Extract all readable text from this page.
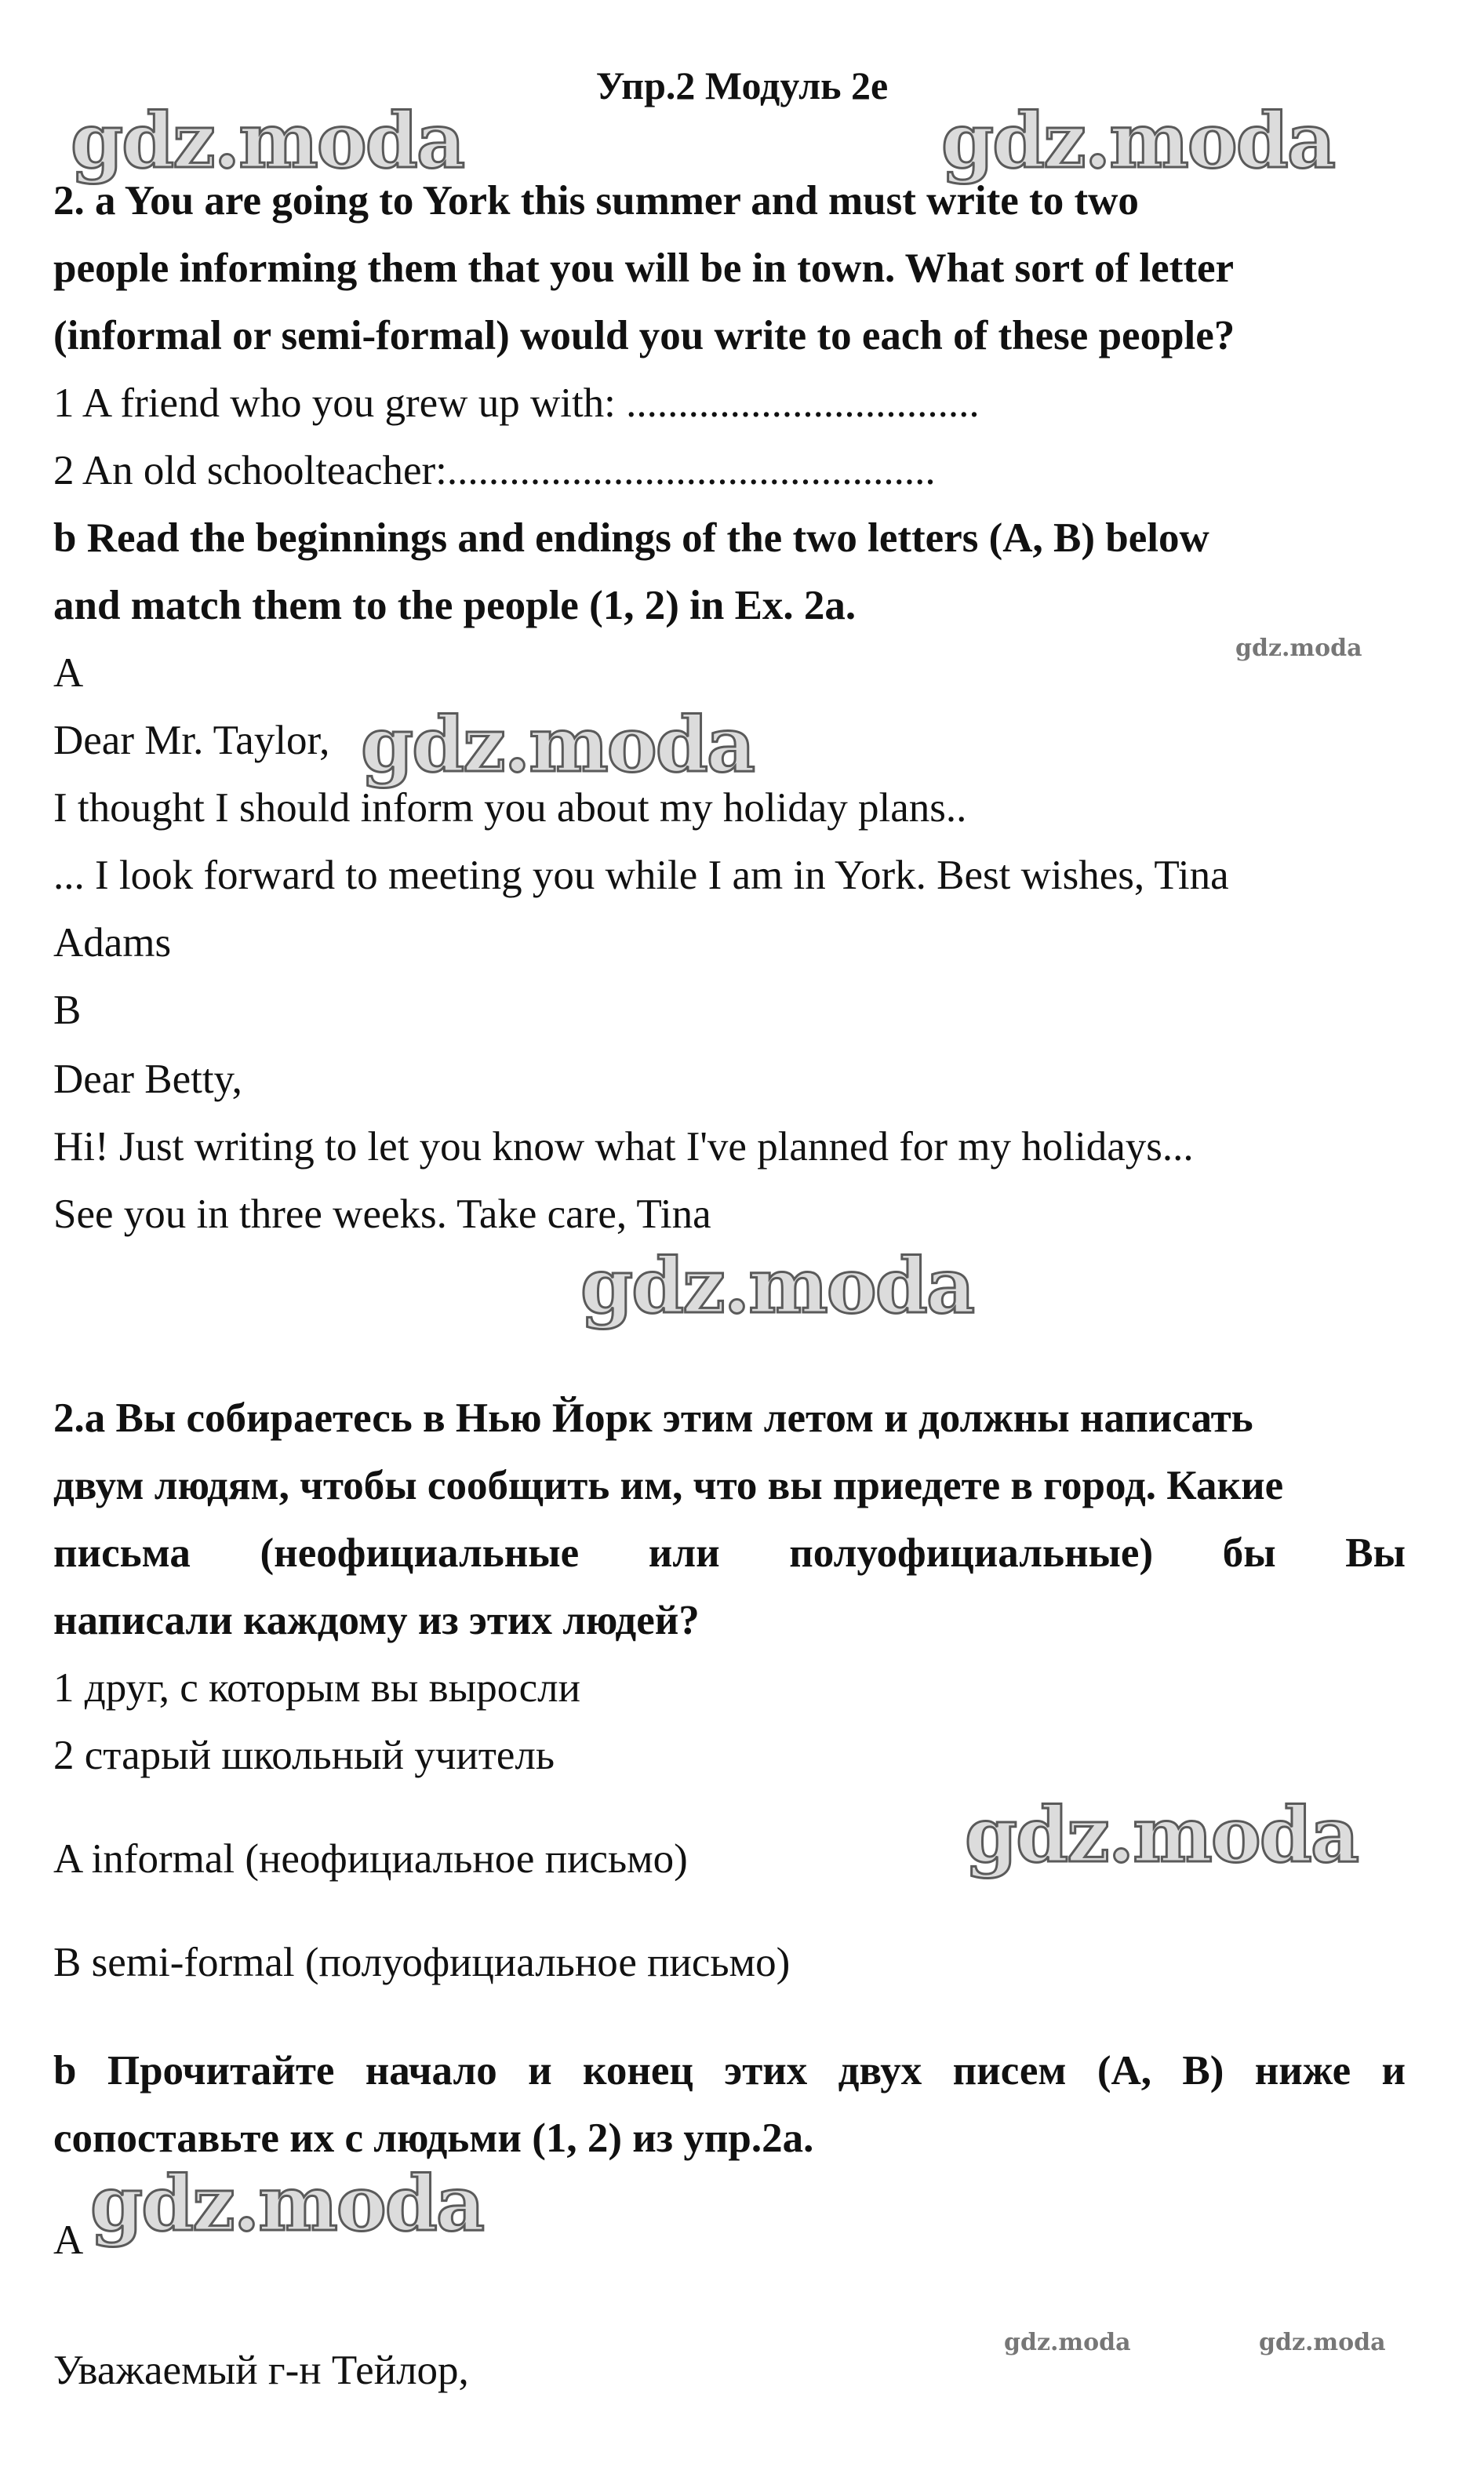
Упр.2 Модуль 2е
gdz.moda	gdz.moda
gdz.moda
gdz.moda
gdz.moda
gdz.moda
gdz.moda
gdz.moda	gdz.moda
2. a You are going to York this summer and must write to two
people informing them that you will be in town. What sort of letter
(informal or semi-formal) would you write to each of these people?
1 A friend who you grew up with: ..................................
2 An old schoolteacher:...............................................
b Read the beginnings and endings of the two letters (A, B) below
and match them to the people (1, 2) in Ex. 2a.
A
Dear Mr. Taylor,
I thought I should inform you about my holiday plans..
... I look forward to meeting you while I am in York. Best wishes, Tina
Adams
B
Dear Betty,
Hi! Just writing to let you know what I've planned for my holidays...
See you in three weeks. Take care, Tina
2.а Вы собираетесь в Нью Йорк этим летом и должны написать
двум людям, чтобы сообщить им, что вы приедете в город. Какие
письма (неофициальные или полуофициальные) бы Вы
написали каждому из этих людей?
1 друг, с которым вы выросли
2 старый школьный учитель
A informal (неофициальное письмо)
B semi-formal (полуофициальное письмо)
b Прочитайте начало и конец этих двух писем (A, B) ниже и
сопоставьте их с людьми (1, 2) из упр.2а.
A
Уважаемый г-н Тейлор,
